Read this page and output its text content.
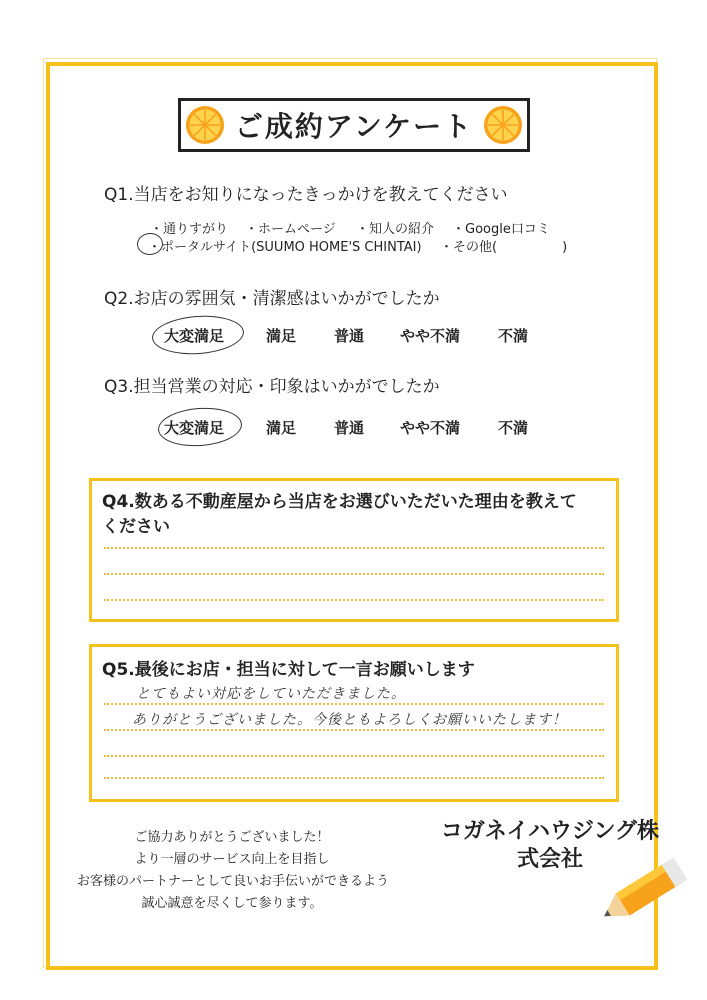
ご成約アンケート
Q1.当店をお知りになったきっかけを教えてください
・通りすがり ・ホームページ ・知人の紹介 ・Google口コミ
・ポータルサイト(SUUMO HOME'S CHINTAI) ・その他(　　　　　)
Q2.お店の雰囲気・清潔感はいかがでしたか
大変満足	満足	普通 やや不満	不満
Q3.担当営業の対応・印象はいかがでしたか
大変満足	満足	普通 やや不満	不満
Q4.数ある不動産屋から当店をお選びいただいた理由を教えて
ください
Q5.最後にお店・担当に対して一言お願いします
とてもよい対応をしていただきました。
ありがとうございました。今後ともよろしくお願いいたします！
ご協力ありがとうございました！
より一層のサービス向上を目指し
お客様のパートナーとして良いお手伝いができるよう
誠心誠意を尽くして参ります。
コガネイハウジング株
式会社
